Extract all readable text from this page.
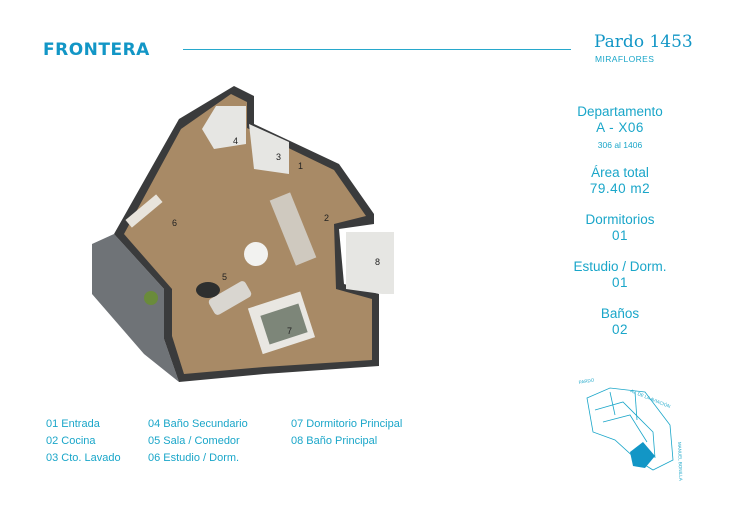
FRONTERA	Pardo 1453
MIRAFLORES
1
2
3
4
5
6
7
8
Departamento
A - X06
306 al 1406
Área total
79.40 m2
Dormitorios
01
Estudio / Dorm.
01
Baños
02
01 Entrada
02 Cocina
03 Cto. Lavado
04 Baño Secundario
05 Sala / Comedor
06 Estudio / Dorm.
07 Dormitorio Principal
08 Baño Principal
PARDO
AV. DE LA AVIACIÓN
MANUEL BONILLA
